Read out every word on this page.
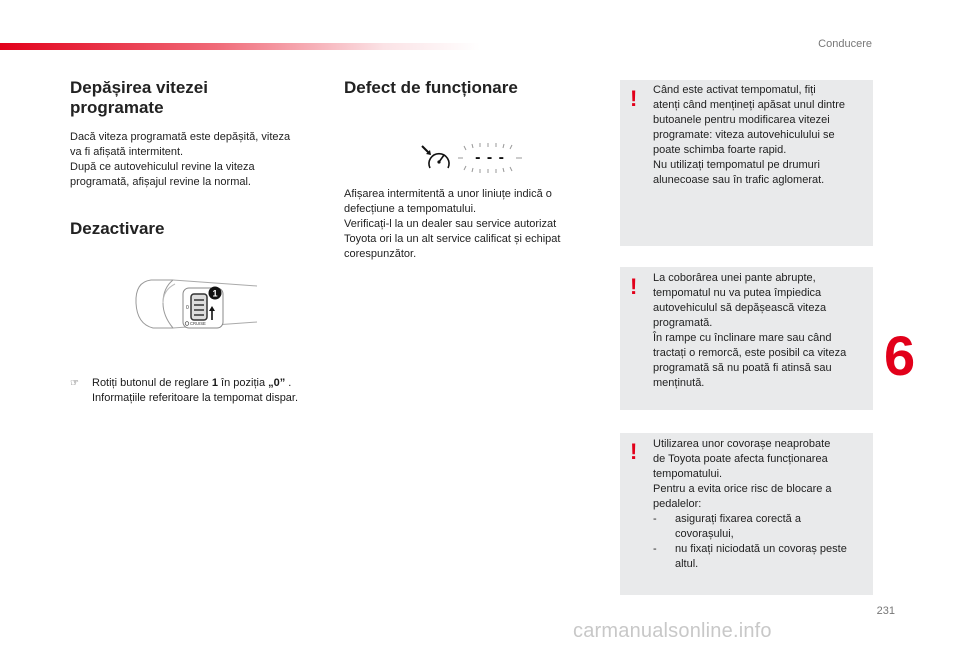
Conducere
Depășirea vitezei
programate
Dacă viteza programată este depășită, viteza
va fi afișată intermitent.
După ce autovehiculul revine la viteza
programată, afișajul revine la normal.
Dezactivare
1
0
CRUISE
☞ Rotiți butonul de reglare 1 în poziția „0” .
Informațiile referitoare la tempomat dispar.
Defect de funcționare
- - -
Afișarea intermitentă a unor liniuțe indică o
defecțiune a tempomatului.
Verificați-l la un dealer sau service autorizat
Toyota ori la un alt service calificat și echipat
corespunzător.
! Când este activat tempomatul, fiți
atenți când mențineți apăsat unul dintre
butoanele pentru modificarea vitezei
programate: viteza autovehiculului se
poate schimba foarte rapid.
Nu utilizați tempomatul pe drumuri
alunecoase sau în trafic aglomerat.
! La coborârea unei pante abrupte,
tempomatul nu va putea împiedica
autovehiculul să depășească viteza
programată.
În rampe cu înclinare mare sau când
tractați o remorcă, este posibil ca viteza
programată să nu poată fi atinsă sau
menținută.
! Utilizarea unor covorașe neaprobate
de Toyota poate afecta funcționarea
tempomatului.
Pentru a evita orice risc de blocare a
pedalelor:
- asigurați fixarea corectă a
covorașului,
- nu fixați niciodată un covoraș peste
altul.
6
231
carmanualsonline.info
